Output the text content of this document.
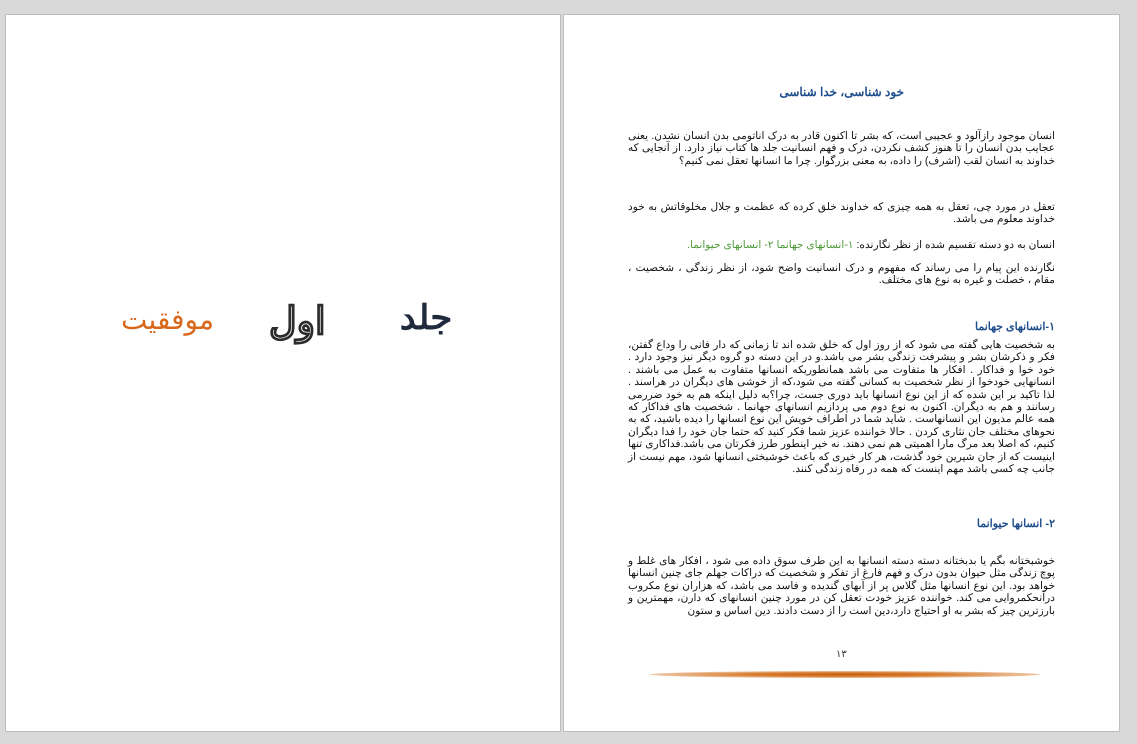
جلد
اول
موفقیت

خود شناسی، خدا شناسی

انسان موجود رازآلود و عجیبی است، که بشر تا اکنون قادر به درک اناتومی بدن انسان نشدن. یعنی عجایب بدن انسان را تا هنوز کشف نکردن، درک و فهم انسانیت جلد ها کتاب نیاز دارد. از آنجایی که خداوند به انسان لقب (اشرف) را داده، به معنی بزرگوار. چرا ما انسانها تعقل نمی کنیم؟

تعقل در مورد چی، تعقل به همه چیزی که خداوند خلق کرده که عظمت و جلال مخلوقاتش به خود خداوند معلوم می باشد.

انسان به دو دسته تقسیم شده از نظر نگارنده: ۱-انسانهای جهانما ۲- انسانهای حیوانما.

نگارنده این پیام را می رساند که مفهوم و درک انسانیت واضح شود، از نظر زندگی ، شخصیت ، مقام ، خصلت و غیره به نوع های مختلف.

۱-انسانهای جهانما

به شخصیت هایی گفته می شود که از روز اول که خلق شده اند تا زمانی که دار فانی را وداع گفتن، فکر و ذکرشان بشر و پیشرفت زندگی بشر می باشد.و در این دسته دو گروه دیگر نیز وجود دارد . خود خوا و فداکار . افکار ها متفاوت می باشد همانطوریکه انسانها متفاوت به عمل می باشند . انسانهایی خودخوا از نظر شخصیت به کسانی گفته می شود،که از خوشی های دیگران در هراسند . لذا تاکید بر این شده که از این نوع انسانها باید دوری جست، چرا؟به دلیل اینکه هم به خود ضررمی رسانند و هم به دیگران. اکنون به نوع دوم می پردازیم انسانهای جهانما . شخصیت های فداکار که همه عالم مدیون این انسانهاست . شاید شما در اطراف خویش این نوع انسانها را دیده باشید، که به نحوهای مختلف جان نثاری کردن . حالا خواننده عزیز شما فکر کنید که حتما جان خود را فدا دیگران کنیم، که اصلا بعد مرگ مارا اهمیتی هم نمی دهند. نه خیر اینطور طرز فکرتان می باشد.فداکاری تنها اینیست که از جان شیرین خود گذشت، هر کار خیری که باعث خوشبختی انسانها شود، مهم نیست از جانب چه کسی باشد مهم اینست که همه در رفاه زندگی کنند.

۲- انسانها حیوانما

خوشبختانه بگم یا بدبختانه دسته دسته انسانها به این طرف سوق داده می شود ، افکار های غلط و پوچ زندگی مثل حیوان بدون درک و فهم فارغ از تفکر و شخصیت که دراکات جهلم جای چنین انسانها خواهد بود. این نوع انسانها مثل گلاس پر از آبهای گندیده و فاسد می باشد، که هزاران نوع مکروب درآنحکمروایی می کند. خواننده عزیز خودت تعقل کن در مورد چنین انسانهای که دارن، مهمترین و بارزترین چیز که بشر به او احتیاج دارد،دین است را از دست دادند. دین اساس و ستون

۱۳
